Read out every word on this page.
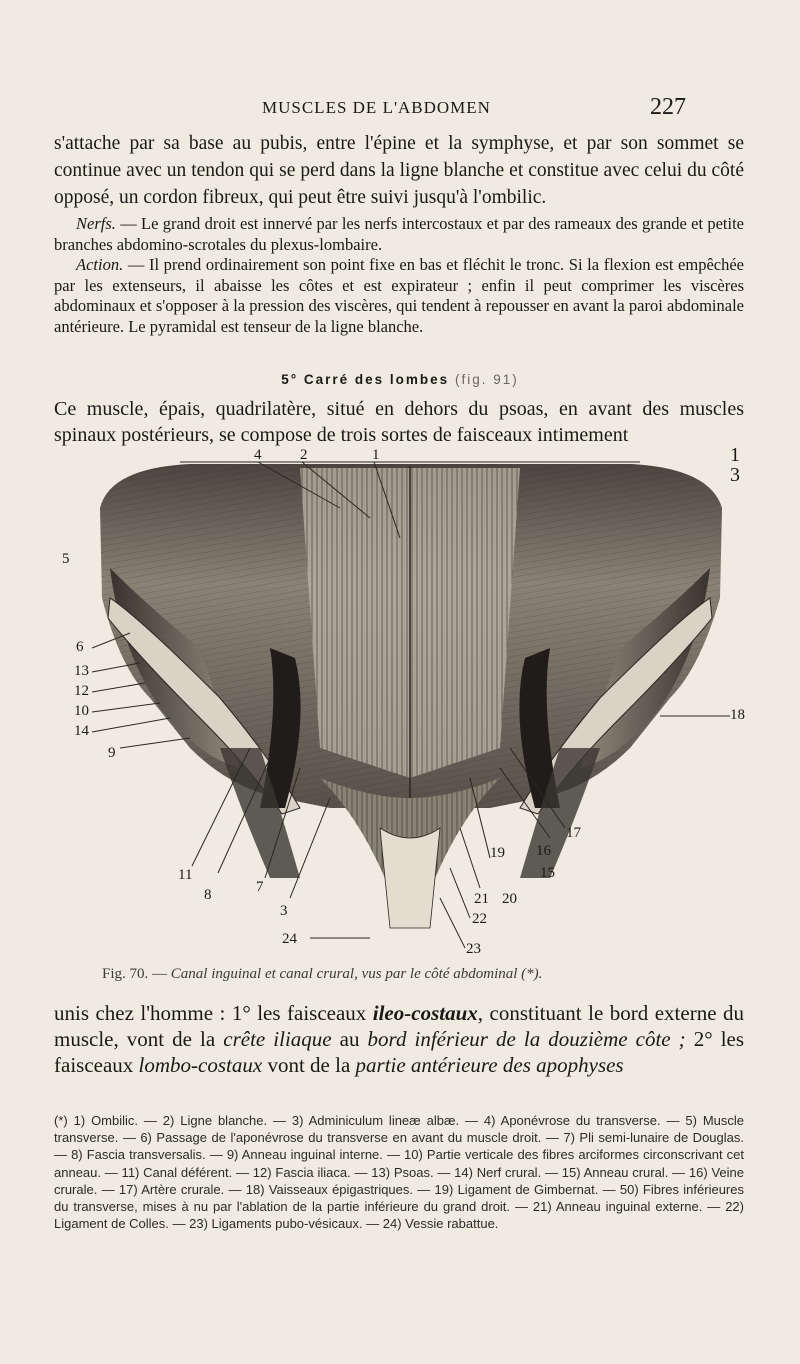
MUSCLES DE L'ABDOMEN	227
s'attache par sa base au pubis, entre l'épine et la symphyse, et par son sommet se continue avec un tendon qui se perd dans la ligne blanche et constitue avec celui du côté opposé, un cordon fibreux, qui peut être suivi jusqu'à l'ombilic.

Nerfs. — Le grand droit est innervé par les nerfs intercostaux et par des rameaux des grande et petite branches abdomino-scrotales du plexus-lombaire.

Action. — Il prend ordinairement son point fixe en bas et fléchit le tronc. Si la flexion est empêchée par les extenseurs, il abaisse les côtes et est expirateur ; enfin il peut comprimer les viscères abdominaux et s'opposer à la pression des viscères, qui tendent à repousser en avant la paroi abdominale antérieure. Le pyramidal est tenseur de la ligne blanche.

5° Carré des lombes (fig. 91)
Ce muscle, épais, quadrilatère, situé en dehors du psoas, en avant des muscles spinaux postérieurs, se compose de trois sortes de faisceaux intimement
4	2	1	1
3
5
6
13
12
10
14
9
18
17
19 16
15
11
8	7
3
21 20
22
24
23
Fig. 70. — Canal inguinal et canal crural, vus par le côté abdominal (*).
unis chez l'homme : 1° les faisceaux ileo-costaux, constituant le bord externe du muscle, vont de la crête iliaque au bord inférieur de la douzième côte ; 2° les faisceaux lombo-costaux vont de la partie antérieure des apophyses

(*) 1) Ombilic. — 2) Ligne blanche. — 3) Adminiculum lineæ albæ. — 4) Aponévrose du transverse. — 5) Muscle transverse. — 6) Passage de l'aponévrose du transverse en avant du muscle droit. — 7) Pli semi-lunaire de Douglas. — 8) Fascia transversalis. — 9) Anneau inguinal interne. — 10) Partie verticale des fibres arciformes circonscrivant cet anneau. — 11) Canal déférent. — 12) Fascia iliaca. — 13) Psoas. — 14) Nerf crural. — 15) Anneau crural. — 16) Veine crurale. — 17) Artère crurale. — 18) Vaisseaux épigastriques. — 19) Ligament de Gimbernat. — 50) Fibres inférieures du transverse, mises à nu par l'ablation de la partie inférieure du grand droit. — 21) Anneau inguinal externe. — 22) Ligament de Colles. — 23) Ligaments pubo-vésicaux. — 24) Vessie rabattue.
